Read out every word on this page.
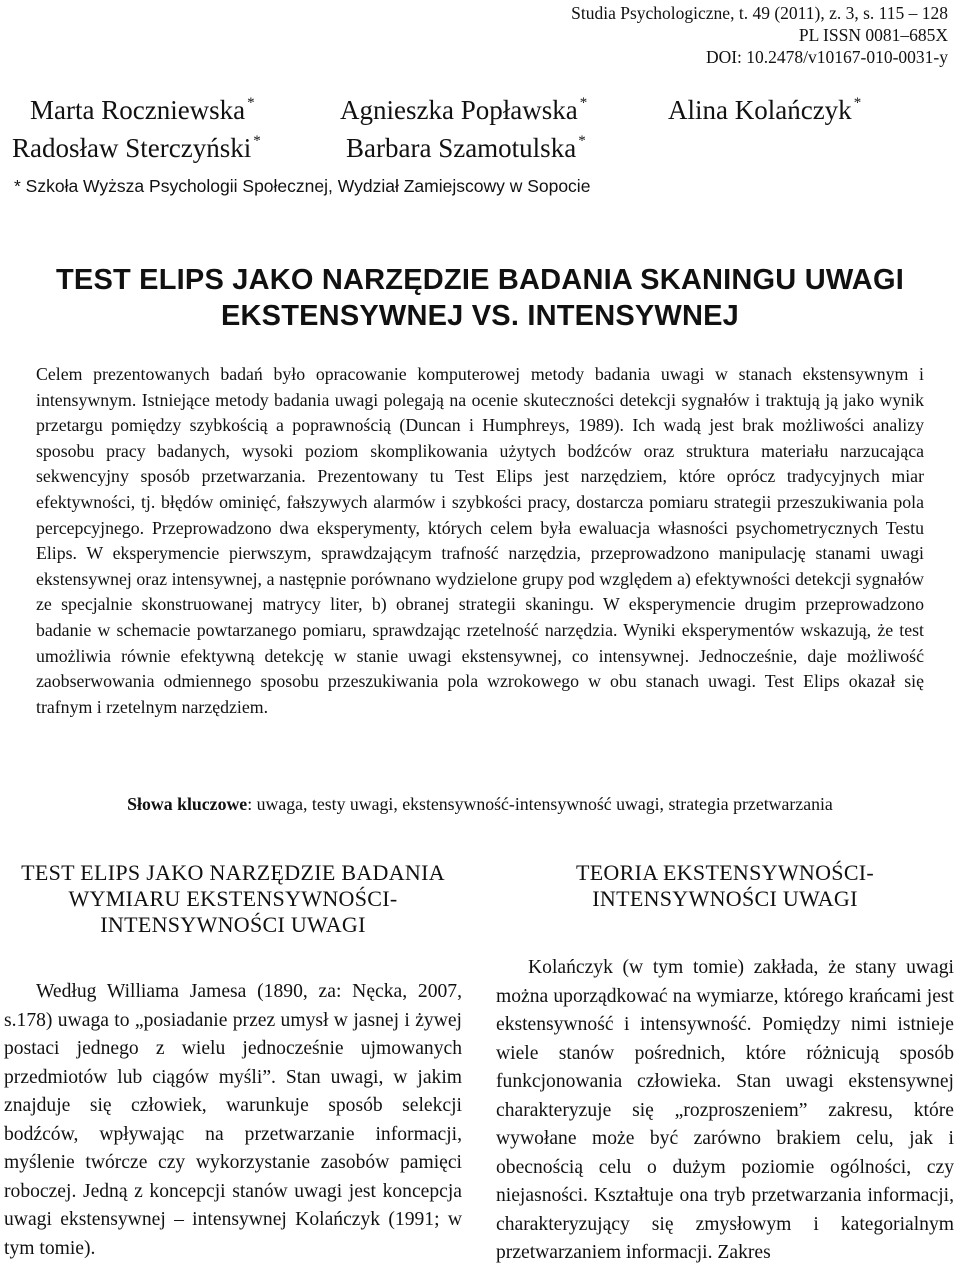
Studia Psychologiczne, t. 49 (2011), z. 3, s. 115 – 128
PL ISSN 0081–685X
DOI: 10.2478/v10167-010-0031-y
Marta Roczniewska *	Agnieszka Popławska *	Alina Kolańczyk *
Radosław Sterczyński *	Barbara Szamotulska *
* Szkoła Wyższa Psychologii Społecznej, Wydział Zamiejscowy w Sopocie
TEST ELIPS JAKO NARZĘDZIE BADANIA SKANINGU UWAGI EKSTENSYWNEJ VS. INTENSYWNEJ
Celem prezentowanych badań było opracowanie komputerowej metody badania uwagi w stanach ekstensywnym i intensywnym. Istniejące metody badania uwagi polegają na ocenie skuteczności detekcji sygnałów i traktują ją jako wynik przetargu pomiędzy szybkością a poprawnością (Duncan i Humphreys, 1989). Ich wadą jest brak możliwości analizy sposobu pracy badanych, wysoki poziom skomplikowania użytych bodźców oraz struktura materiału narzucająca sekwencyjny sposób przetwarzania. Prezentowany tu Test Elips jest narzędziem, które oprócz tradycyjnych miar efektywności, tj. błędów ominięć, fałszywych alarmów i szybkości pracy, dostarcza pomiaru strategii przeszukiwania pola percepcyjnego. Przeprowadzono dwa eksperymenty, których celem była ewaluacja własności psychometrycznych Testu Elips. W eksperymencie pierwszym, sprawdzającym trafność narzędzia, przeprowadzono manipulację stanami uwagi ekstensywnej oraz intensywnej, a następnie porównano wydzielone grupy pod względem a) efektywności detekcji sygnałów ze specjalnie skonstruowanej matrycy liter, b) obranej strategii skaningu. W eksperymencie drugim przeprowadzono badanie w schemacie powtarzanego pomiaru, sprawdzając rzetelność narzędzia. Wyniki eksperymentów wskazują, że test umożliwia równie efektywną detekcję w stanie uwagi ekstensywnej, co intensywnej. Jednocześnie, daje możliwość zaobserwowania odmiennego sposobu przeszukiwania pola wzrokowego w obu stanach uwagi. Test Elips okazał się trafnym i rzetelnym narzędziem.
Słowa kluczowe: uwaga, testy uwagi, ekstensywność-intensywność uwagi, strategia przetwarzania
TEST ELIPS JAKO NARZĘDZIE BADANIA WYMIARU EKSTENSYWNOŚCI-INTENSYWNOŚCI UWAGI

Według Williama Jamesa (1890, za: Nęcka, 2007, s.178) uwaga to „posiadanie przez umysł w jasnej i żywej postaci jednego z wielu jednocześnie ujmowanych przedmiotów lub ciągów myśli”. Stan uwagi, w jakim znajduje się człowiek, warunkuje sposób selekcji bodźców, wpływając na przetwarzanie informacji, myślenie twórcze czy wykorzystanie zasobów pamięci roboczej. Jedną z koncepcji stanów uwagi jest koncepcja uwagi ekstensywnej – intensywnej Kolańczyk (1991; w tym tomie).

TEORIA EKSTENSYWNOŚCI-INTENSYWNOŚCI UWAGI

Kolańczyk (w tym tomie) zakłada, że stany uwagi można uporządkować na wymiarze, którego krańcami jest ekstensywność i intensywność. Pomiędzy nimi istnieje wiele stanów pośrednich, które różnicują sposób funkcjonowania człowieka. Stan uwagi ekstensywnej charakteryzuje się „rozproszeniem” zakresu, które wywołane może być zarówno brakiem celu, jak i obecnością celu o dużym poziomie ogólności, czy niejasności. Kształtuje ona tryb przetwarzania informacji, charakteryzujący się zmysłowym i kategorialnym przetwarzaniem informacji. Zakres
